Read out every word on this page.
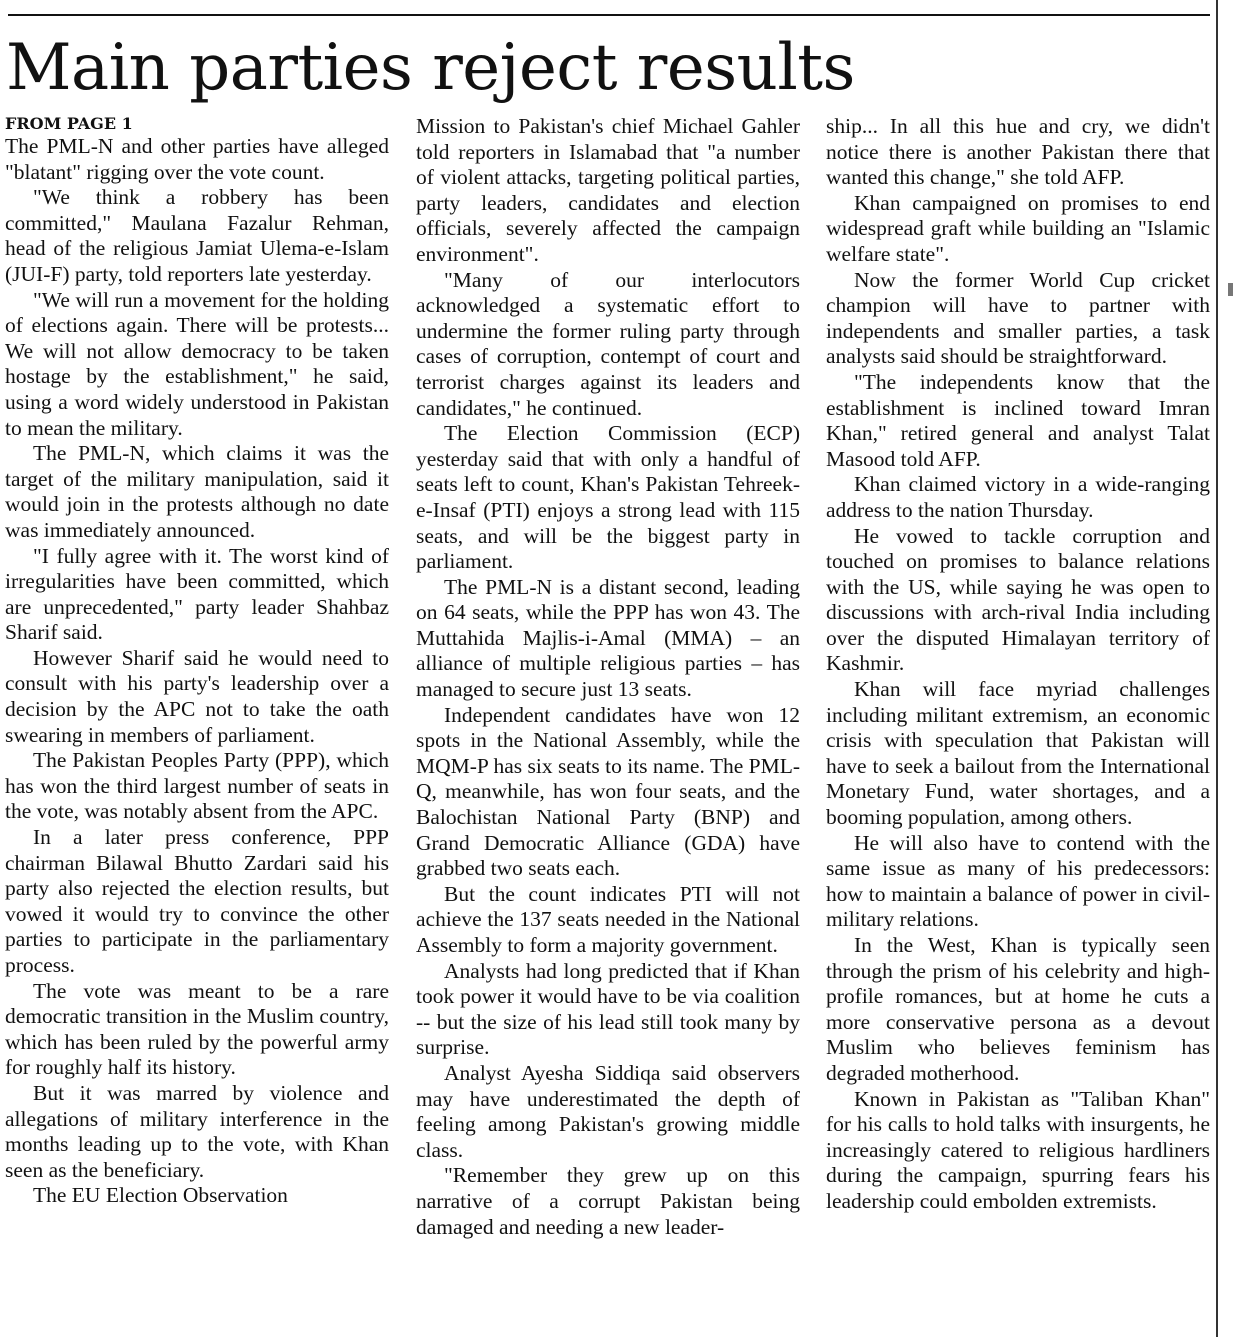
Main parties reject results
FROM PAGE 1

The PML-N and other parties have alleged "blatant" rigging over the vote count.

"We think a robbery has been committed," Maulana Fazalur Rehman, head of the religious Jamiat Ulema-e-Islam (JUI-F) party, told reporters late yesterday.

"We will run a movement for the holding of elections again. There will be protests... We will not allow democracy to be taken hostage by the establishment," he said, using a word widely understood in Pakistan to mean the military.

The PML-N, which claims it was the target of the military manipulation, said it would join in the protests although no date was immediately announced.

"I fully agree with it. The worst kind of irregularities have been committed, which are unprecedented," party leader Shahbaz Sharif said.

However Sharif said he would need to consult with his party's leadership over a decision by the APC not to take the oath swearing in members of parliament.

The Pakistan Peoples Party (PPP), which has won the third largest number of seats in the vote, was notably absent from the APC.

In a later press conference, PPP chairman Bilawal Bhutto Zardari said his party also rejected the election results, but vowed it would try to convince the other parties to participate in the parliamentary process.

The vote was meant to be a rare democratic transition in the Muslim country, which has been ruled by the powerful army for roughly half its history.

But it was marred by violence and allegations of military interference in the months leading up to the vote, with Khan seen as the beneficiary.

The EU Election Observation

Mission to Pakistan's chief Michael Gahler told reporters in Islamabad that "a number of violent attacks, targeting political parties, party leaders, candidates and election officials, severely affected the campaign environment".

"Many of our interlocutors acknowledged a systematic effort to undermine the former ruling party through cases of corruption, contempt of court and terrorist charges against its leaders and candidates," he continued.

The Election Commission (ECP) yesterday said that with only a handful of seats left to count, Khan's Pakistan Tehreek-e-Insaf (PTI) enjoys a strong lead with 115 seats, and will be the biggest party in parliament.

The PML-N is a distant second, leading on 64 seats, while the PPP has won 43. The Muttahida Majlis-i-Amal (MMA) – an alliance of multiple religious parties – has managed to secure just 13 seats.

Independent candidates have won 12 spots in the National Assembly, while the MQM-P has six seats to its name. The PML-Q, meanwhile, has won four seats, and the Balochistan National Party (BNP) and Grand Democratic Alliance (GDA) have grabbed two seats each.

But the count indicates PTI will not achieve the 137 seats needed in the National Assembly to form a majority government.

Analysts had long predicted that if Khan took power it would have to be via coalition -- but the size of his lead still took many by surprise.

Analyst Ayesha Siddiqa said observers may have underestimated the depth of feeling among Pakistan's growing middle class.

"Remember they grew up on this narrative of a corrupt Pakistan being damaged and needing a new leader-

ship... In all this hue and cry, we didn't notice there is another Pakistan there that wanted this change," she told AFP.

Khan campaigned on promises to end widespread graft while building an "Islamic welfare state".

Now the former World Cup cricket champion will have to partner with independents and smaller parties, a task analysts said should be straightforward.

"The independents know that the establishment is inclined toward Imran Khan," retired general and analyst Talat Masood told AFP.

Khan claimed victory in a wide-ranging address to the nation Thursday.

He vowed to tackle corruption and touched on promises to balance relations with the US, while saying he was open to discussions with arch-rival India including over the disputed Himalayan territory of Kashmir.

Khan will face myriad challenges including militant extremism, an economic crisis with speculation that Pakistan will have to seek a bailout from the International Monetary Fund, water shortages, and a booming population, among others.

He will also have to contend with the same issue as many of his predecessors: how to maintain a balance of power in civil-military relations.

In the West, Khan is typically seen through the prism of his celebrity and high-profile romances, but at home he cuts a more conservative persona as a devout Muslim who believes feminism has degraded motherhood.

Known in Pakistan as "Taliban Khan" for his calls to hold talks with insurgents, he increasingly catered to religious hardliners during the campaign, spurring fears his leadership could embolden extremists.
